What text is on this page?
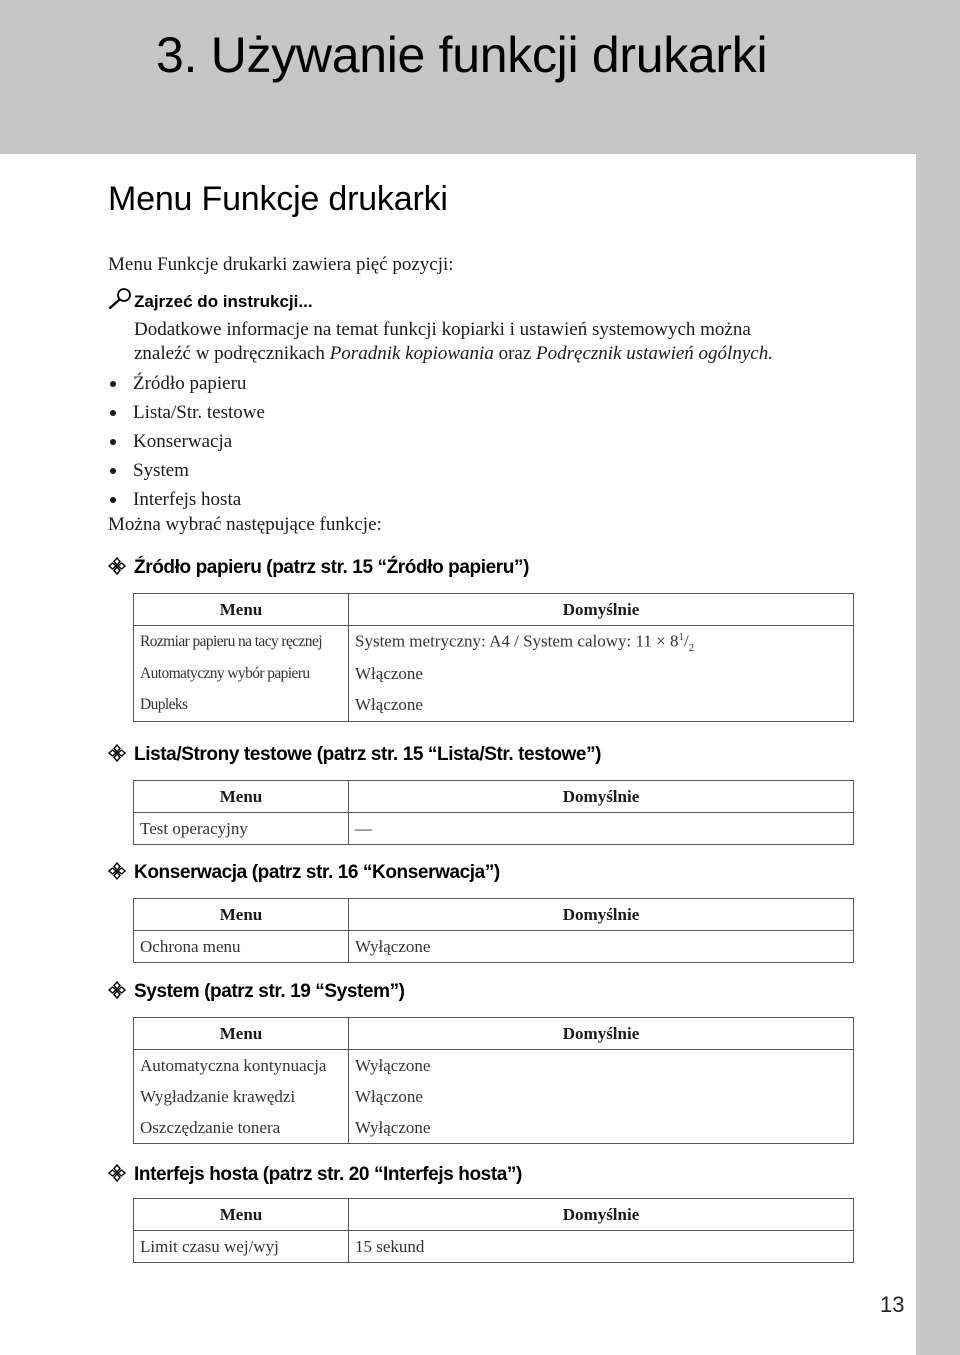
3. Używanie funkcji drukarki
Menu Funkcje drukarki

Menu Funkcje drukarki zawiera pięć pozycji:

Zajrzeć do instrukcji...

Dodatkowe informacje na temat funkcji kopiarki i ustawień systemowych można

znaleźć w podręcznikach Poradnik kopiowania oraz Podręcznik ustawień ogólnych.

Źródło papieru
Lista/Str. testowe
Konserwacja
System
Interfejs hosta

Można wybrać następujące funkcje:

Źródło papieru (patrz str. 15 “Źródło papieru”)
Menu	Domyślnie
Rozmiar papieru na tacy ręcznej	System metryczny: A4 / System calowy: $11 \times 8^1/_2$
Automatyczny wybór papieru	Włączone
Dupleks	Włączone
Lista/Strony testowe (patrz str. 15 “Lista/Str. testowe”)
Menu	Domyślnie
Test operacyjny	—
Konserwacja (patrz str. 16 “Konserwacja”)
Menu	Domyślnie
Ochrona menu	Wyłączone
System (patrz str. 19 “System”)
Menu	Domyślnie
Automatyczna kontynuacja	Wyłączone
Wygładzanie krawędzi	Włączone
Oszczędzanie tonera	Wyłączone
Interfejs hosta (patrz str. 20 “Interfejs hosta”)
Menu	Domyślnie
Limit czasu wej/wyj	15 sekund
13
